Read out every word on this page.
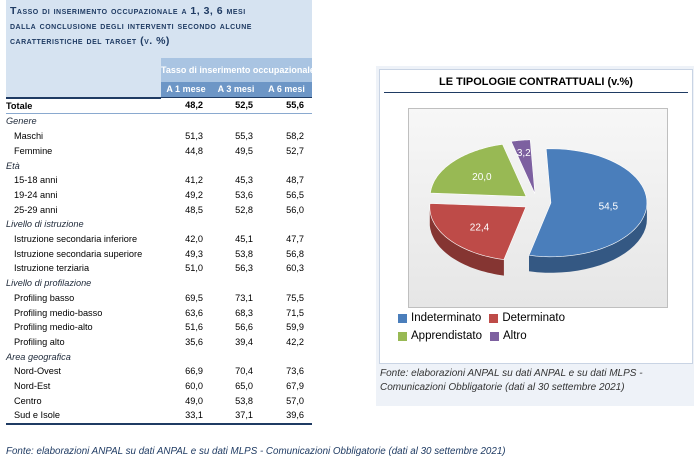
Tasso di inserimento occupazionale a 1, 3, 6 mesi
dalla conclusione degli interventi secondo alcune
caratteristiche del target (v. %)
	Tasso di inserimento occupazionale		
	A 1 mese	A 3 mesi	A 6 mesi
Totale	48,2	52,5	55,6
Genere			
Maschi	51,3	55,3	58,2
Femmine	44,8	49,5	52,7
Età			
15-18 anni	41,2	45,3	48,7
19-24 anni	49,2	53,6	56,5
25-29 anni	48,5	52,8	56,0
Livello di istruzione			
Istruzione secondaria inferiore	42,0	45,1	47,7
Istruzione secondaria superiore	49,3	53,8	56,8
Istruzione terziaria	51,0	56,3	60,3
Livello di profilazione			
Profiling basso	69,5	73,1	75,5
Profiling medio-basso	63,6	68,3	71,5
Profiling medio-alto	51,6	56,6	59,9
Profiling alto	35,6	39,4	42,2
Area geografica			
Nord-Ovest	66,9	70,4	73,6
Nord-Est	60,0	65,0	67,9
Centro	49,0	53,8	57,0
Sud e Isole	33,1	37,1	39,6
Fonte: elaborazioni ANPAL su dati ANPAL e su dati MLPS - Comunicazioni Obbligatorie (dati al 30 settembre 2021)
LE TIPOLOGIE CONTRATTUALI (v.%)
54,5
22,4
20,0
3,2
Indeterminato Determinato
Apprendistato Altro
Fonte: elaborazioni ANPAL su dati ANPAL e su dati MLPS - Comunicazioni Obbligatorie (dati al 30 settembre 2021)
